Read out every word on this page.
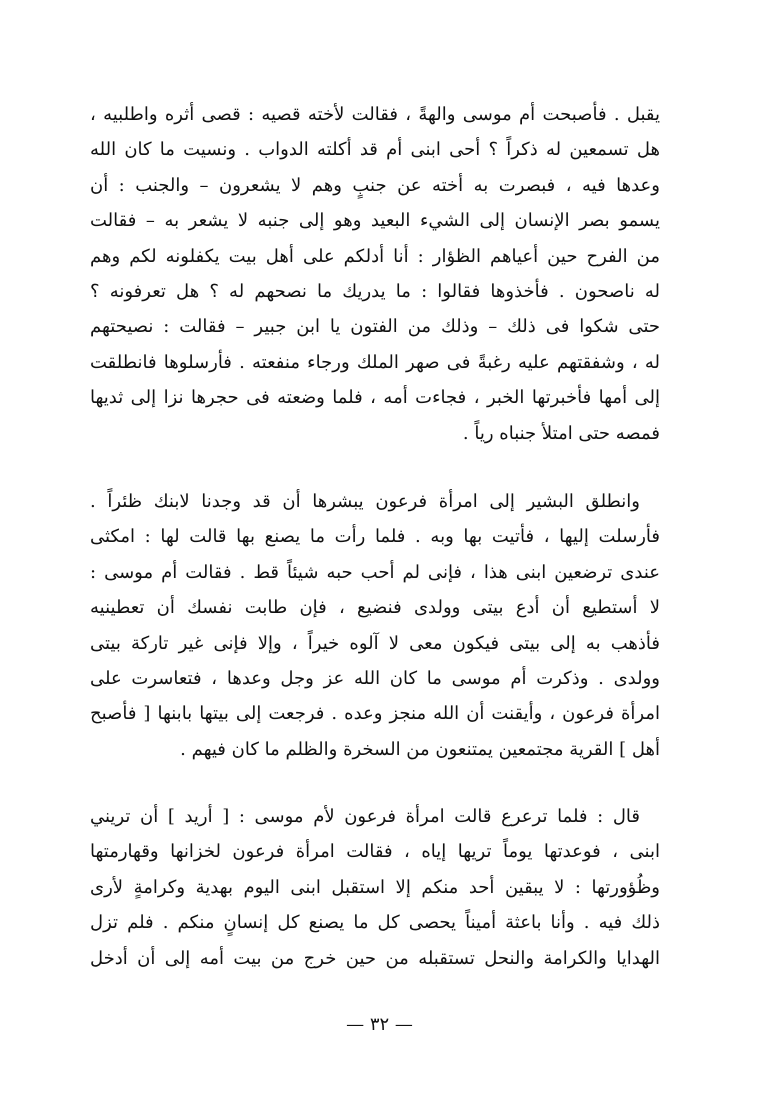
يقبل . فأصبحت أم موسى والهةً ، فقالت لأخته قصيه : قصى أثره واطلبيه ،
هل تسمعين له ذكراً ؟ أحى ابنى أم قد أكلته الدواب . ونسيت ما كان الله
وعدها فيه ، فبصرت به أخته عن جنبٍ وهم لا يشعرون – والجنب : أن
يسمو بصر الإنسان إلى الشيء البعيد وهو إلى جنبه لا يشعر به – فقالت
من الفرح حين أعياهم الظؤار : أنا أدلكم على أهل بيت يكفلونه لكم وهم
له ناصحون . فأخذوها فقالوا : ما يدريك ما نصحهم له ؟ هل تعرفونه ؟
حتى شكوا فى ذلك – وذلك من الفتون يا ابن جبير – فقالت : نصيحتهم
له ، وشفقتهم عليه رغبةً فى صهر الملك ورجاء منفعته . فأرسلوها فانطلقت
إلى أمها فأخبرتها الخبر ، فجاءت أمه ، فلما وضعته فى حجرها نزا إلى ثديها
فمصه حتى امتلأ جنباه رياً .
وانطلق البشير إلى امرأة فرعون يبشرها أن قد وجدنا لابنك ظئراً .
فأرسلت إليها ، فأتيت بها وبه . فلما رأت ما يصنع بها قالت لها : امكثى
عندى ترضعين ابنى هذا ، فإنى لم أحب حبه شيئاً قط . فقالت أم موسى :
لا أستطيع أن أدع بيتى وولدى فنضيع ، فإن طابت نفسك أن تعطينيه
فأذهب به إلى بيتى فيكون معى لا آلوه خيراً ، وإلا فإنى غير تاركة بيتى
وولدى . وذكرت أم موسى ما كان الله عز وجل وعدها ، فتعاسرت على
امرأة فرعون ، وأيقنت أن الله منجز وعده . فرجعت إلى بيتها بابنها [ فأصبح
أهل ] القرية مجتمعين يمتنعون من السخرة والظلم ما كان فيهم .
قال : فلما ترعرع قالت امرأة فرعون لأم موسى : [ أريد ] أن تريني
ابنى ، فوعدتها يوماً تريها إياه ، فقالت امرأة فرعون لخزانها وقهارمتها
وظُؤورتها : لا يبقين أحد منكم إلا استقبل ابنى اليوم بهدية وكرامةٍ لأرى
ذلك فيه . وأنا باعثة أميناً يحصى كل ما يصنع كل إنسانٍ منكم . فلم تزل
الهدايا والكرامة والنحل تستقبله من حين خرج من بيت أمه إلى أن أدخل
— ٣٢ —
